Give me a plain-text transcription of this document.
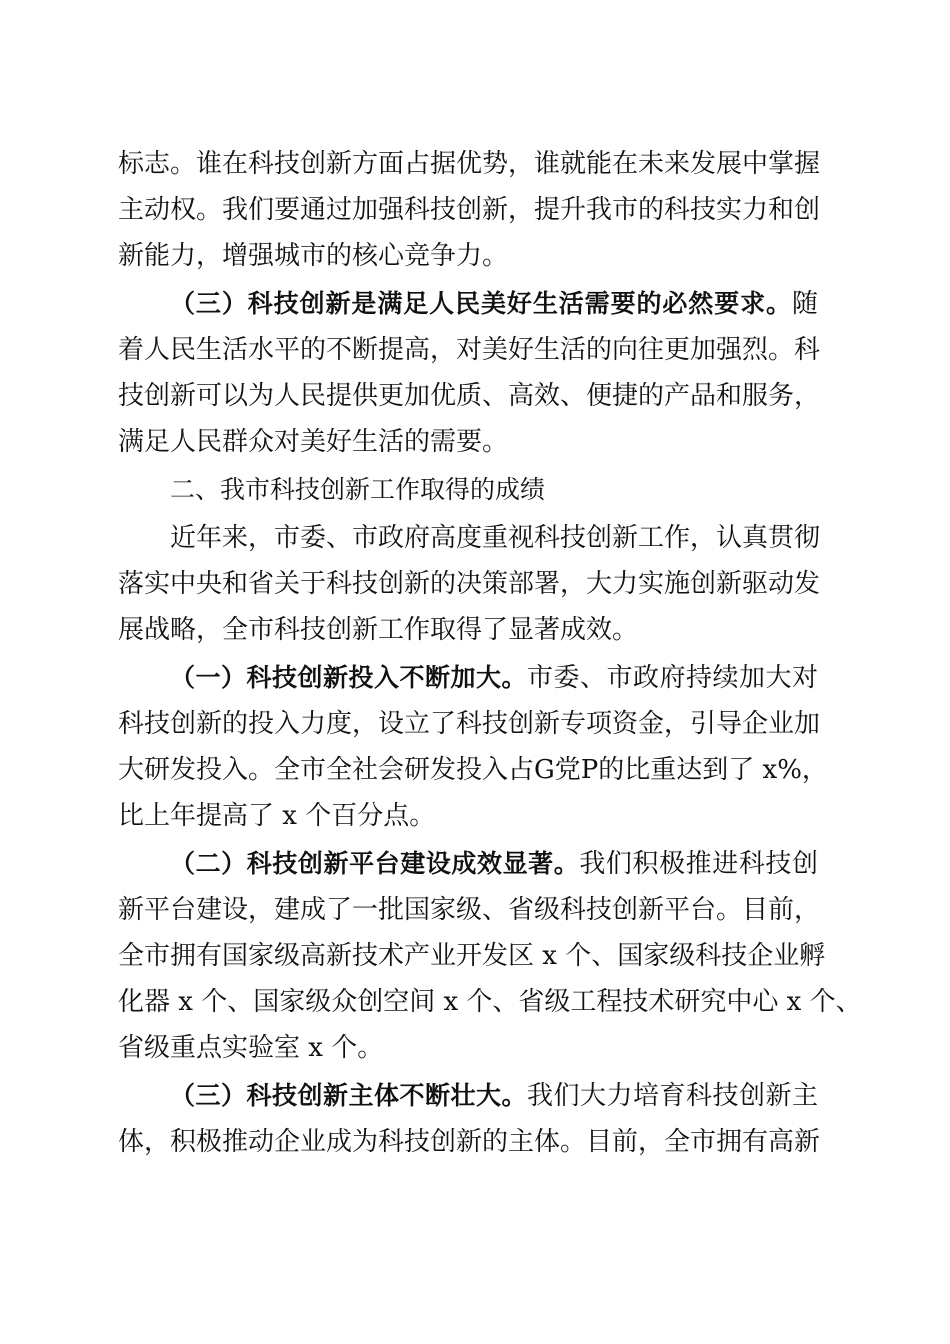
标志。谁在科技创新方面占据优势，谁就能在未来发展中掌握
主动权。我们要通过加强科技创新，提升我市的科技实力和创
新能力，增强城市的核心竞争力。
（三）科技创新是满足人民美好生活需要的必然要求。随
着人民生活水平的不断提高，对美好生活的向往更加强烈。科
技创新可以为人民提供更加优质、高效、便捷的产品和服务，
满足人民群众对美好生活的需要。
二、我市科技创新工作取得的成绩
近年来，市委、市政府高度重视科技创新工作，认真贯彻
落实中央和省关于科技创新的决策部署，大力实施创新驱动发
展战略，全市科技创新工作取得了显著成效。
（一）科技创新投入不断加大。市委、市政府持续加大对
科技创新的投入力度，设立了科技创新专项资金，引导企业加
大研发投入。全市全社会研发投入占G党P的比重达到了 x%，
比上年提高了 x 个百分点。
（二）科技创新平台建设成效显著。我们积极推进科技创
新平台建设，建成了一批国家级、省级科技创新平台。目前，
全市拥有国家级高新技术产业开发区 x 个、国家级科技企业孵
化器 x 个、国家级众创空间 x 个、省级工程技术研究中心 x 个、
省级重点实验室 x 个。
（三）科技创新主体不断壮大。我们大力培育科技创新主
体，积极推动企业成为科技创新的主体。目前，全市拥有高新
